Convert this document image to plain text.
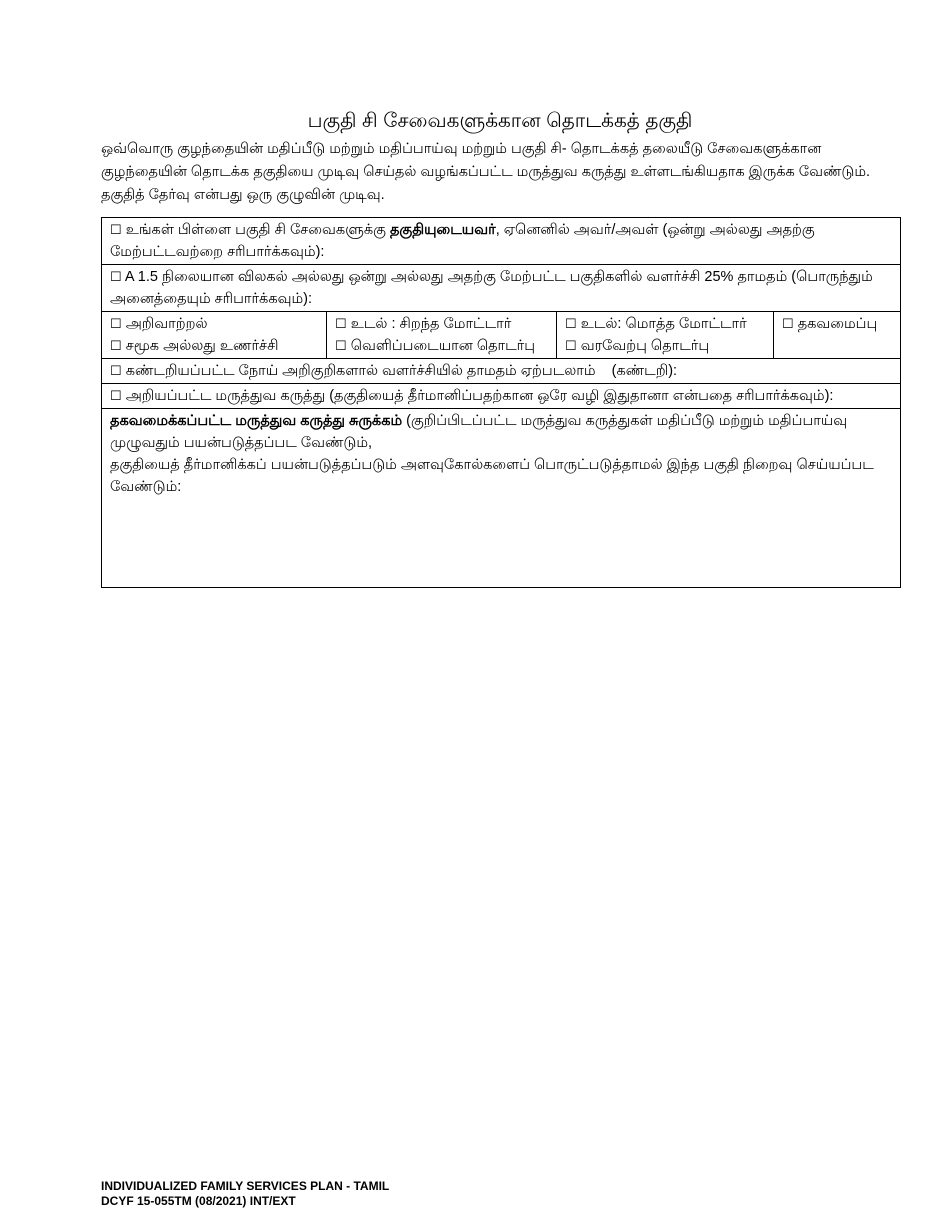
பகுதி சி சேவைகளுக்கான தொடக்கத் தகுதி
ஒவ்வொரு குழந்தையின் மதிப்பீடு மற்றும் மதிப்பாய்வு மற்றும் பகுதி சி- தொடக்கத் தலையீடு சேவைகளுக்கான குழந்தையின் தொடக்க தகுதியை முடிவு செய்தல் வழங்கப்பட்ட மருத்துவ கருத்து உள்ளடங்கியதாக இருக்க வேண்டும். தகுதித் தேர்வு என்பது ஒரு குழுவின் முடிவு.
☐ உங்கள் பிள்ளை பகுதி சி சேவைகளுக்கு தகுதியுடையவர், ஏனெனில் அவர்/அவள் (ஒன்று அல்லது அதற்கு மேற்பட்டவற்றை சரிபார்க்கவும்):
☐ A 1.5 நிலையான விலகல் அல்லது ஒன்று அல்லது அதற்கு மேற்பட்ட பகுதிகளில் வளர்ச்சி 25% தாமதம் (பொருந்தும் அனைத்தையும் சரிபார்க்கவும்):

☐ அறிவாற்றல்
☐ சமூக அல்லது உணர்ச்சி

☐ உடல் : சிறந்த மோட்டார்
☐ வெளிப்படையான தொடர்பு

☐ உடல்: மொத்த மோட்டார்
☐ வரவேற்பு தொடர்பு

☐ தகவமைப்பு

☐ கண்டறியப்பட்ட நோய் அறிகுறிகளால் வளர்ச்சியில் தாமதம் ஏற்படலாம்    (கண்டறி):
☐ அறியப்பட்ட மருத்துவ கருத்து (தகுதியைத் தீர்மானிப்பதற்கான ஒரே வழி இதுதானா என்பதை சரிபார்க்கவும்):
தகவமைக்கப்பட்ட மருத்துவ கருத்து சுருக்கம் (குறிப்பிடப்பட்ட மருத்துவ கருத்துகள் மதிப்பீடு மற்றும் மதிப்பாய்வு முழுவதும் பயன்படுத்தப்பட வேண்டும்,
தகுதியைத் தீர்மானிக்கப் பயன்படுத்தப்படும் அளவுகோல்களைப் பொருட்படுத்தாமல் இந்த பகுதி நிறைவு செய்யப்பட வேண்டும்:
INDIVIDUALIZED FAMILY SERVICES PLAN - TAMIL
DCYF 15-055TM (08/2021) INT/EXT
